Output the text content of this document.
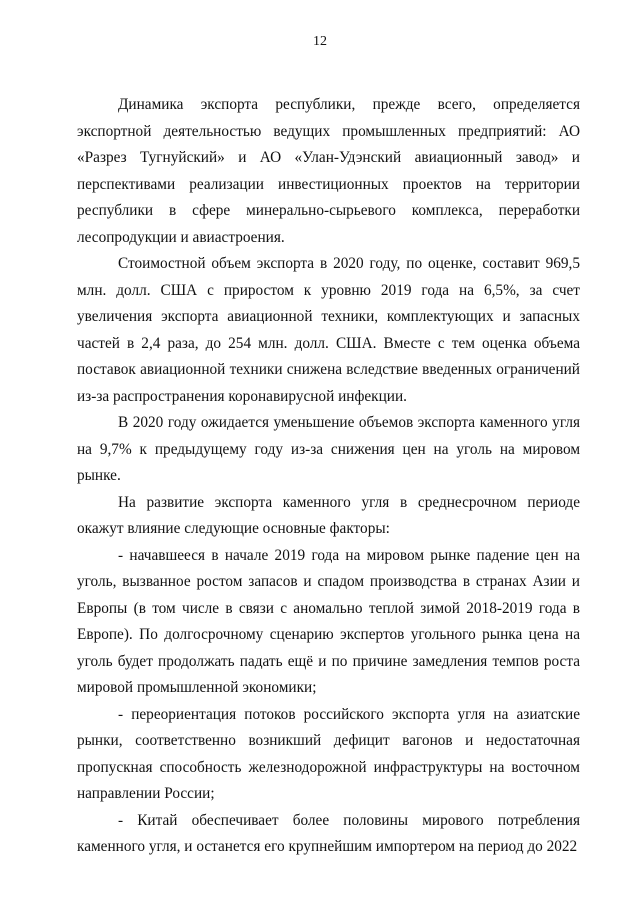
12

Динамика экспорта республики, прежде всего, определяется экспортной деятельностью ведущих промышленных предприятий: АО «Разрез Тугнуйский» и АО «Улан-Удэнский авиационный завод» и перспективами реализации инвестиционных проектов на территории республики в сфере минерально-сырьевого комплекса, переработки лесопродукции и авиастроения.

Стоимостной объем экспорта в 2020 году, по оценке, составит 969,5 млн. долл. США с приростом к уровню 2019 года на 6,5%, за счет увеличения экспорта авиационной техники, комплектующих и запасных частей в 2,4 раза, до 254 млн. долл. США. Вместе с тем оценка объема поставок авиационной техники снижена вследствие введенных ограничений из-за распространения коронавирусной инфекции.

В 2020 году ожидается уменьшение объемов экспорта каменного угля на 9,7% к предыдущему году из-за снижения цен на уголь на мировом рынке.

На развитие экспорта каменного угля в среднесрочном периоде окажут влияние следующие основные факторы:

- начавшееся в начале 2019 года на мировом рынке падение цен на уголь, вызванное ростом запасов и спадом производства в странах Азии и Европы (в том числе в связи с аномально теплой зимой 2018-2019 года в Европе). По долгосрочному сценарию экспертов угольного рынка цена на уголь будет продолжать падать ещё и по причине замедления темпов роста мировой промышленной экономики;

- переориентация потоков российского экспорта угля на азиатские рынки, соответственно возникший дефицит вагонов и недостаточная пропускная способность железнодорожной инфраструктуры на восточном направлении России;

- Китай обеспечивает более половины мирового потребления каменного угля, и останется его крупнейшим импортером на период до 2022
